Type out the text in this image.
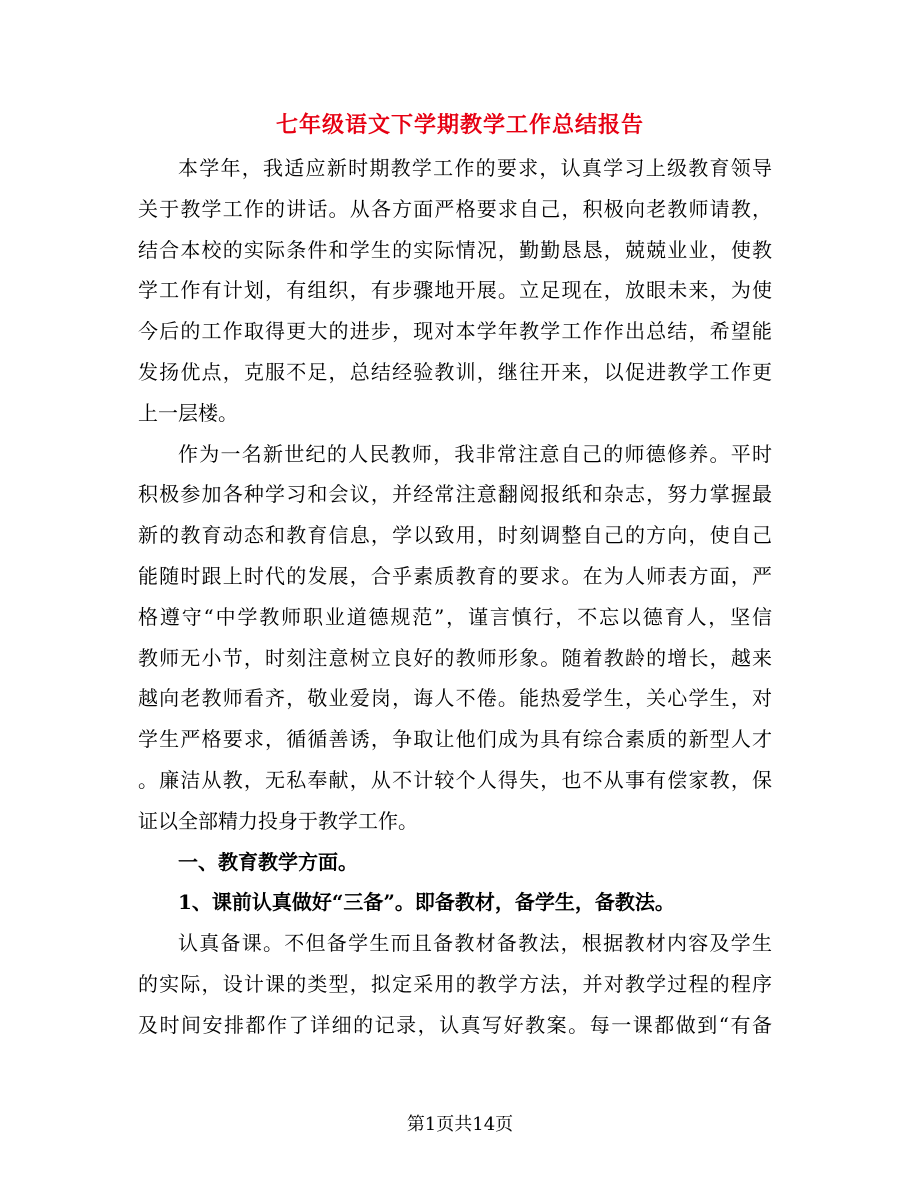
七年级语文下学期教学工作总结报告
本学年，我适应新时期教学工作的要求，认真学习上级教育领导
关于教学工作的讲话。从各方面严格要求自己，积极向老教师请教，
结合本校的实际条件和学生的实际情况，勤勤恳恳，兢兢业业，使教
学工作有计划，有组织，有步骤地开展。立足现在，放眼未来，为使
今后的工作取得更大的进步，现对本学年教学工作作出总结，希望能
发扬优点，克服不足，总结经验教训，继往开来，以促进教学工作更
上一层楼。
作为一名新世纪的人民教师，我非常注意自己的师德修养。平时
积极参加各种学习和会议，并经常注意翻阅报纸和杂志，努力掌握最
新的教育动态和教育信息，学以致用，时刻调整自己的方向，使自己
能随时跟上时代的发展，合乎素质教育的要求。在为人师表方面，严
格遵守“中学教师职业道德规范”，谨言慎行，不忘以德育人，坚信
教师无小节，时刻注意树立良好的教师形象。随着教龄的增长，越来
越向老教师看齐，敬业爱岗，诲人不倦。能热爱学生，关心学生，对
学生严格要求，循循善诱，争取让他们成为具有综合素质的新型人才
。廉洁从教，无私奉献，从不计较个人得失，也不从事有偿家教，保
证以全部精力投身于教学工作。
一、教育教学方面。
1、课前认真做好“三备”。即备教材，备学生，备教法。
认真备课。不但备学生而且备教材备教法，根据教材内容及学生
的实际，设计课的类型，拟定采用的教学方法，并对教学过程的程序
及时间安排都作了详细的记录，认真写好教案。每一课都做到“有备
第1页共14页
